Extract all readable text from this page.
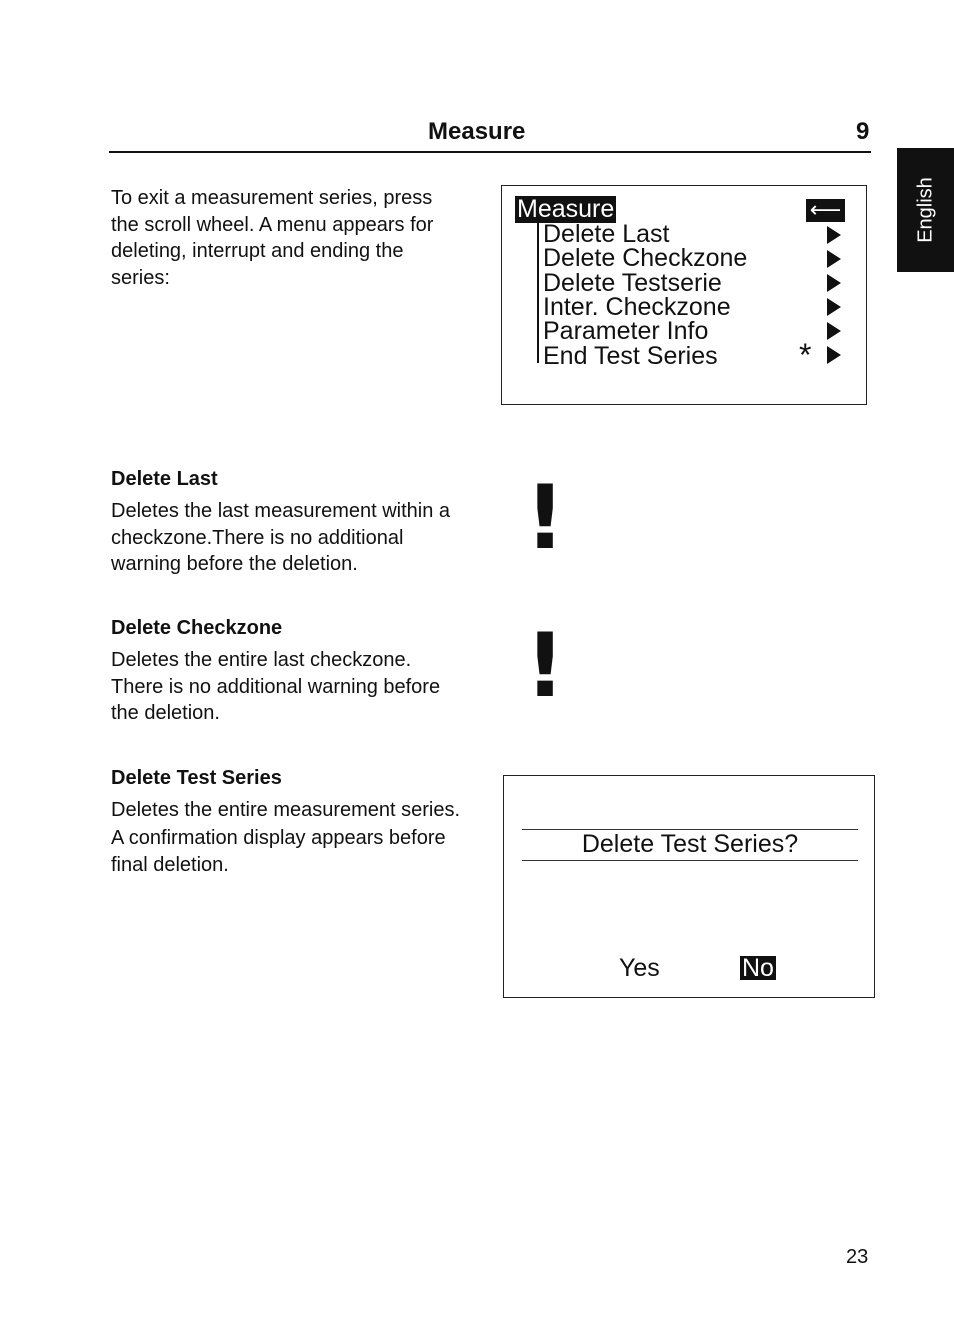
Measure	9
English
To exit a measurement series, press
the scroll wheel. A menu appears for
deleting, interrupt and ending the
series:
Measure	⟵
Delete Last
Delete Checkzone
Delete Testserie
Inter. Checkzone
Parameter Info
End Test Series	*
Delete Last
Deletes the last measurement within a
checkzone.There is no additional
warning before the deletion.
Delete Checkzone
Deletes the entire last checkzone.
There is no additional warning before
the deletion.
Delete Test Series
Deletes the entire measurement series.
A confirmation display appears before
final deletion.
!
!
Delete Test Series?
Yes	No
23
